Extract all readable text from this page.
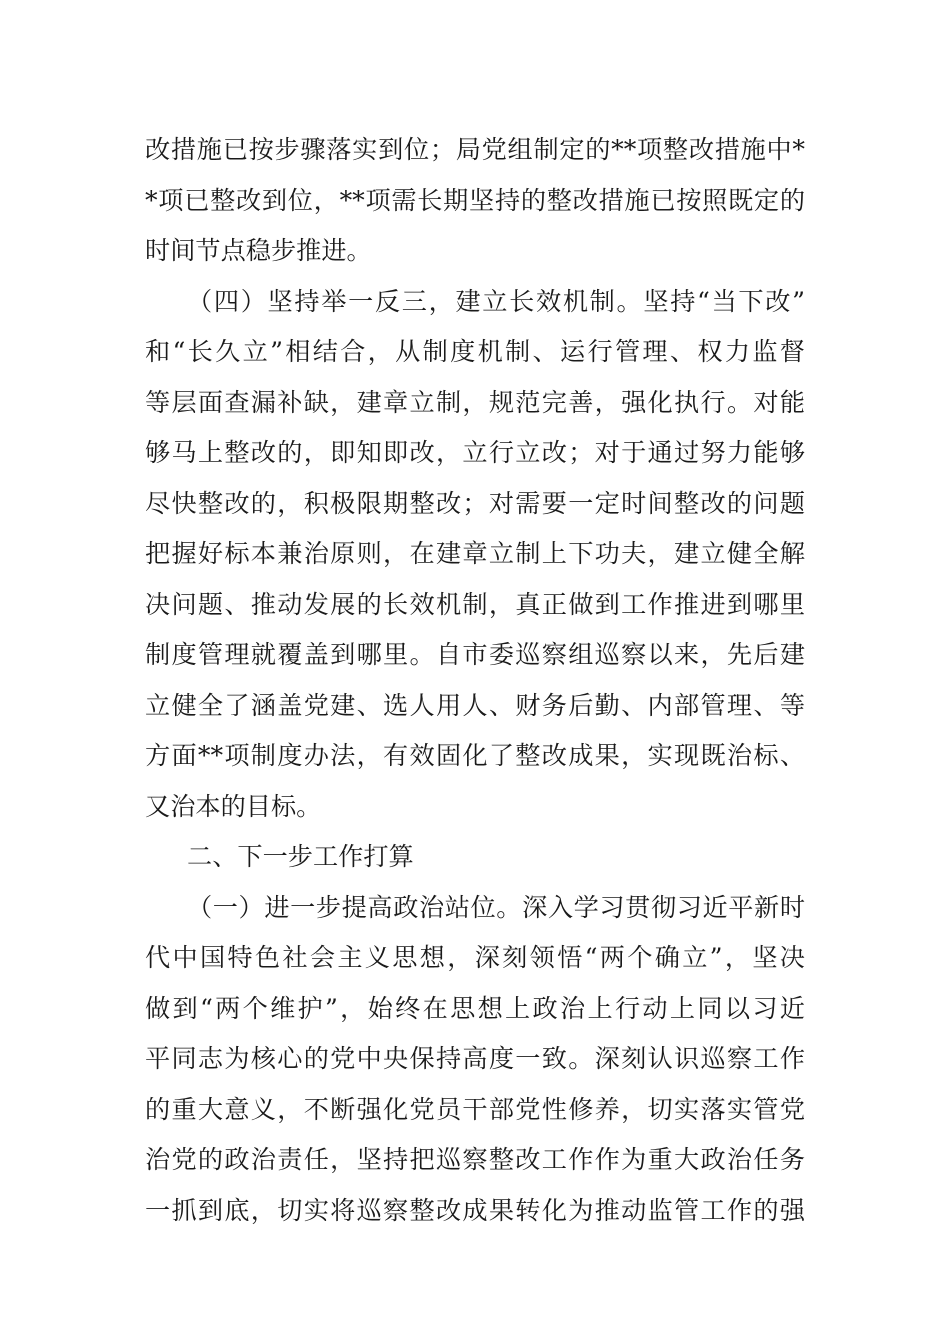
改措施已按步骤落实到位；局党组制定的**项整改措施中*
*项已整改到位，**项需长期坚持的整改措施已按照既定的
时间节点稳步推进。
（四）坚持举一反三，建立长效机制。坚持“当下改”
和“长久立”相结合，从制度机制、运行管理、权力监督
等层面查漏补缺，建章立制，规范完善，强化执行。对能
够马上整改的，即知即改，立行立改；对于通过努力能够
尽快整改的，积极限期整改；对需要一定时间整改的问题
把握好标本兼治原则，在建章立制上下功夫，建立健全解
决问题、推动发展的长效机制，真正做到工作推进到哪里
制度管理就覆盖到哪里。自市委巡察组巡察以来，先后建
立健全了涵盖党建、选人用人、财务后勤、内部管理、等
方面**项制度办法，有效固化了整改成果，实现既治标、
又治本的目标。
二、下一步工作打算
（一）进一步提高政治站位。深入学习贯彻习近平新时
代中国特色社会主义思想，深刻领悟“两个确立”，坚决
做到“两个维护”，始终在思想上政治上行动上同以习近
平同志为核心的党中央保持高度一致。深刻认识巡察工作
的重大意义，不断强化党员干部党性修养，切实落实管党
治党的政治责任，坚持把巡察整改工作作为重大政治任务
一抓到底，切实将巡察整改成果转化为推动监管工作的强
